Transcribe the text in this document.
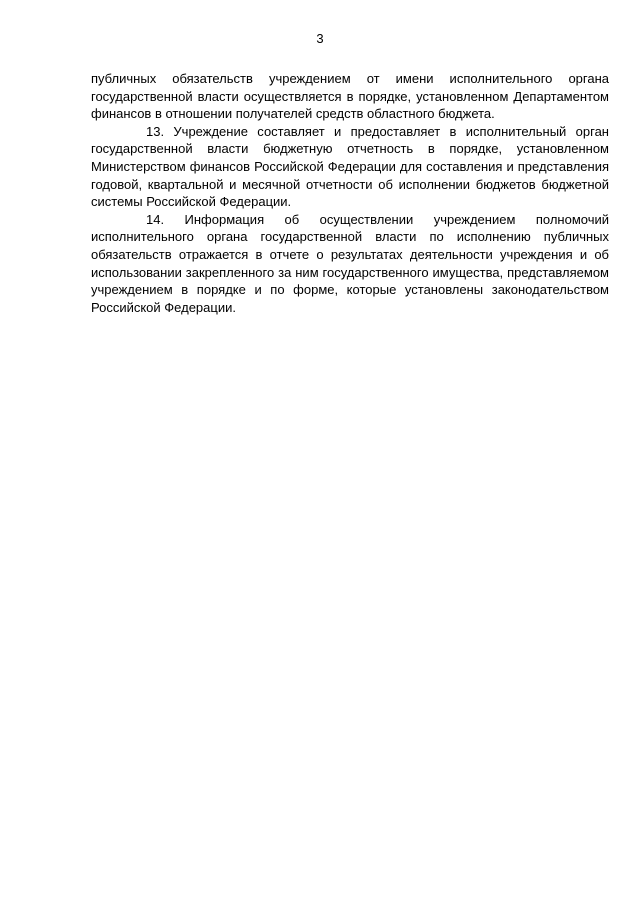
3

публичных обязательств учреждением от имени исполнительного органа государственной власти осуществляется в порядке, установленном Департаментом финансов в отношении получателей средств областного бюджета.

13. Учреждение составляет и предоставляет в исполнительный орган государственной власти бюджетную отчетность в порядке, установленном Министерством финансов Российской Федерации для составления и представления годовой, квартальной и месячной отчетности об исполнении бюджетов бюджетной системы Российской Федерации.

14. Информация об осуществлении учреждением полномочий исполнительного органа государственной власти по исполнению публичных обязательств отражается в отчете о результатах деятельности учреждения и об использовании закрепленного за ним государственного имущества, представляемом учреждением в порядке и по форме, которые установлены законодательством Российской Федерации.
